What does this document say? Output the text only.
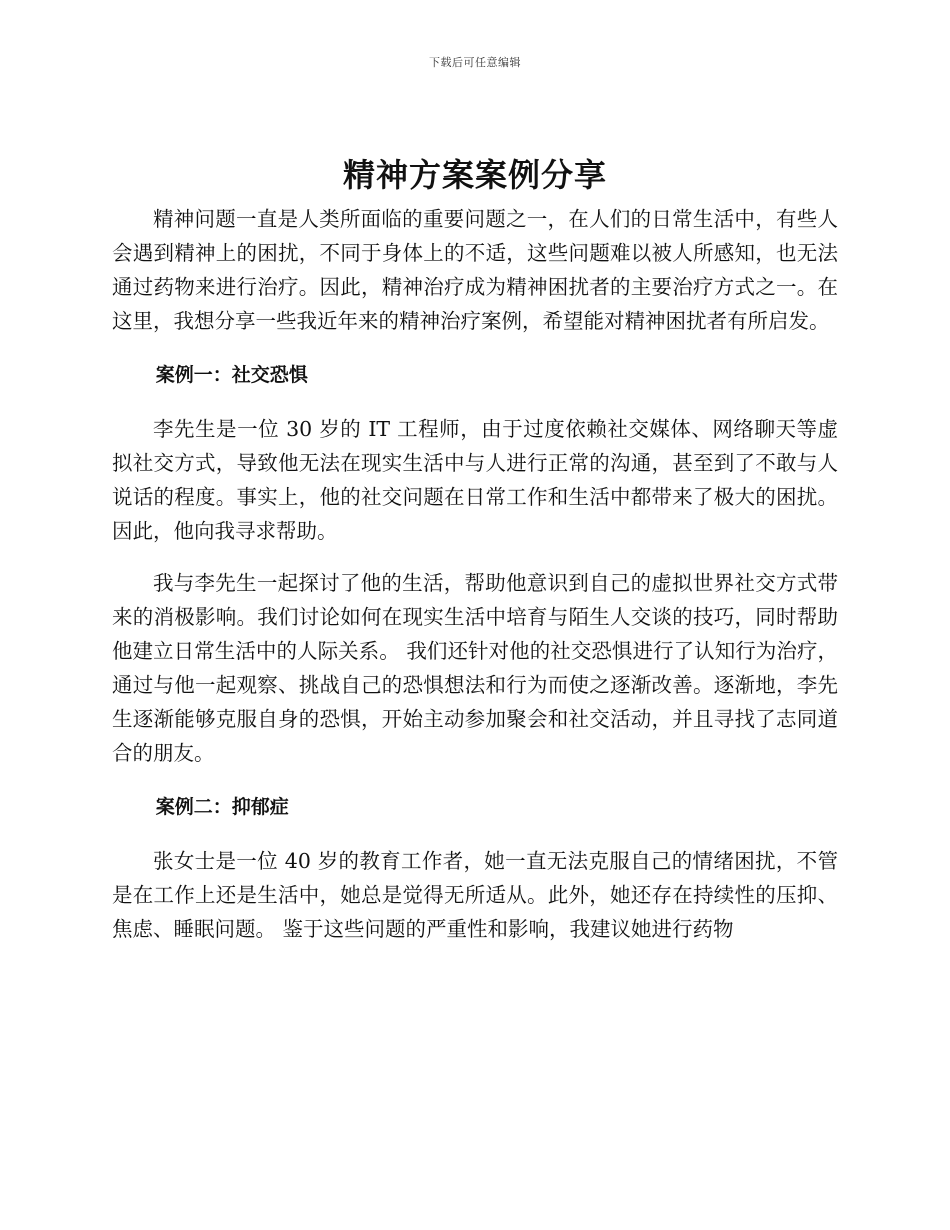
下载后可任意编辑
精神方案案例分享

精神问题一直是人类所面临的重要问题之一，在人们的日常生活中，有些人会遇到精神上的困扰，不同于身体上的不适，这些问题难以被人所感知，也无法通过药物来进行治疗。因此，精神治疗成为精神困扰者的主要治疗方式之一。在这里，我想分享一些我近年来的精神治疗案例，希望能对精神困扰者有所启发。

案例一：社交恐惧

李先生是一位 30 岁的 IT 工程师，由于过度依赖社交媒体、网络聊天等虚拟社交方式，导致他无法在现实生活中与人进行正常的沟通，甚至到了不敢与人说话的程度。事实上，他的社交问题在日常工作和生活中都带来了极大的困扰。因此，他向我寻求帮助。

我与李先生一起探讨了他的生活，帮助他意识到自己的虚拟世界社交方式带来的消极影响。我们讨论如何在现实生活中培育与陌生人交谈的技巧，同时帮助他建立日常生活中的人际关系。 我们还针对他的社交恐惧进行了认知行为治疗，通过与他一起观察、挑战自己的恐惧想法和行为而使之逐渐改善。逐渐地，李先生逐渐能够克服自身的恐惧，开始主动参加聚会和社交活动，并且寻找了志同道合的朋友。

案例二：抑郁症

张女士是一位 40 岁的教育工作者，她一直无法克服自己的情绪困扰，不管是在工作上还是生活中，她总是觉得无所适从。此外，她还存在持续性的压抑、焦虑、睡眠问题。 鉴于这些问题的严重性和影响，我建议她进行药物
